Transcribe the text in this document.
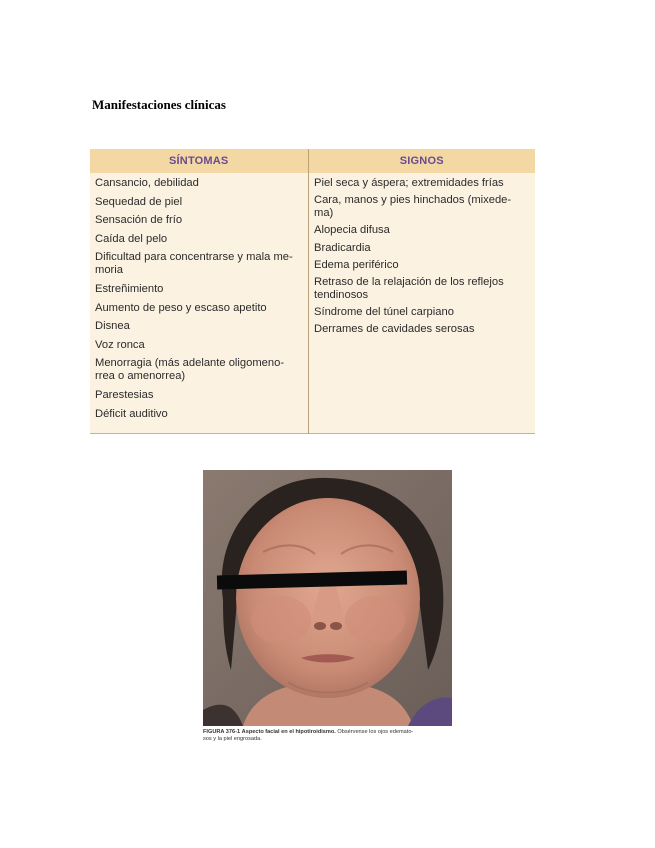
Manifestaciones clínicas
SÍNTOMAS	SIGNOS
Cansancio, debilidad
Sequedad de piel
Sensación de frío
Caída del pelo
Dificultad para concentrarse y mala me-
moria
Estreñimiento
Aumento de peso y escaso apetito
Disnea
Voz ronca
Menorragia (más adelante oligomeno-
rrea o amenorrea)
Parestesias
Déficit auditivo
Piel seca y áspera; extremidades frías
Cara, manos y pies hinchados (mixede-
ma)
Alopecia difusa
Bradicardia
Edema periférico
Retraso de la relajación de los reflejos
tendinosos
Síndrome del túnel carpiano
Derrames de cavidades serosas
FIGURA 376-1 Aspecto facial en el hipotiroidismo. Obsérvense los ojos edemato-
sos y la piel engrosada.
